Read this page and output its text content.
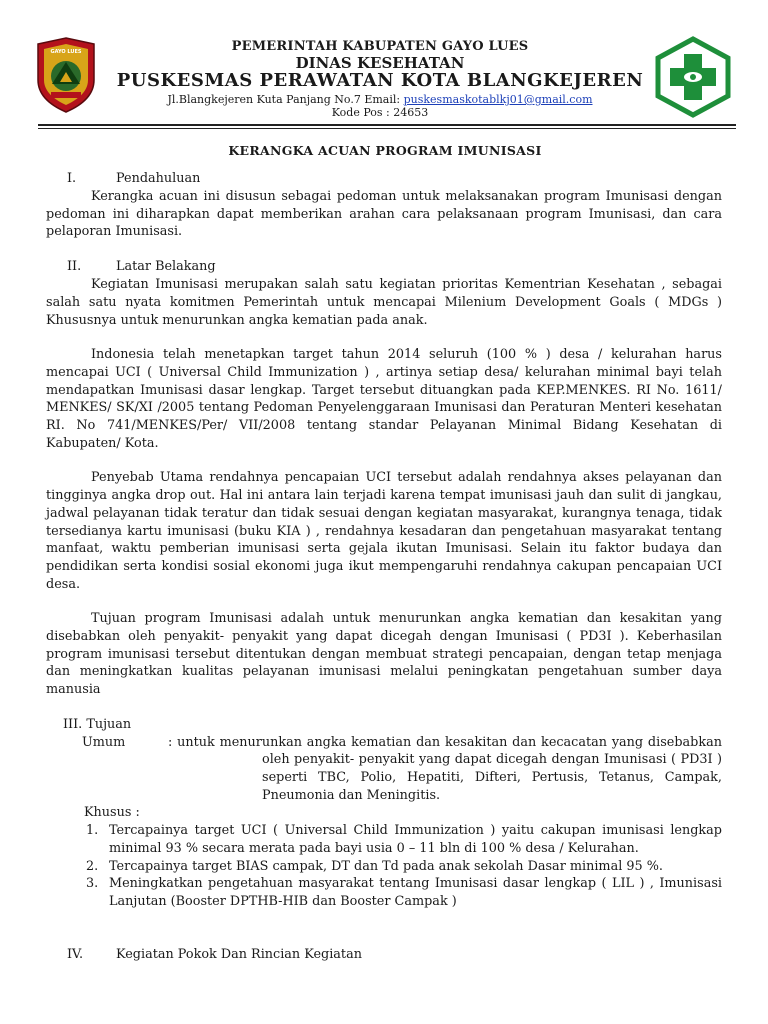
GAYO LUES	PEMERINTAH KABUPATEN GAYO LUES

DINAS KESEHATAN

PUSKESMAS PERAWATAN KOTA BLANGKEJEREN

Jl.Blangkejeren Kuta Panjang No.7 Email: puskesmaskotablkj01@gmail.com

Kode Pos : 24653

KERANGKA ACUAN PROGRAM IMUNISASI

I.	Pendahuluan

Kerangka acuan ini disusun sebagai pedoman untuk melaksanakan program Imunisasi dengan pedoman ini diharapkan dapat memberikan arahan cara pelaksanaan program Imunisasi, dan cara pelaporan Imunisasi.

II.	Latar Belakang

Kegiatan Imunisasi merupakan salah satu kegiatan prioritas Kementrian Kesehatan , sebagai salah satu nyata komitmen Pemerintah untuk mencapai Milenium Development Goals ( MDGs ) Khususnya untuk menurunkan angka kematian pada anak.

Indonesia telah menetapkan target tahun 2014 seluruh (100 % ) desa / kelurahan harus mencapai UCI ( Universal Child Immunization ) , artinya setiap desa/ kelurahan minimal bayi telah mendapatkan Imunisasi dasar lengkap. Target tersebut dituangkan pada KEP.MENKES. RI No. 1611/ MENKES/ SK/XI /2005 tentang Pedoman Penyelenggaraan Imunisasi dan Peraturan Menteri kesehatan RI. No 741/MENKES/Per/ VII/2008 tentang standar Pelayanan Minimal Bidang Kesehatan di Kabupaten/ Kota.

Penyebab Utama rendahnya pencapaian UCI tersebut adalah rendahnya akses pelayanan dan tingginya angka drop out. Hal ini antara lain terjadi karena tempat imunisasi jauh dan sulit di jangkau, jadwal pelayanan tidak teratur dan tidak sesuai dengan kegiatan masyarakat, kurangnya tenaga, tidak tersedianya kartu imunisasi (buku KIA ) , rendahnya kesadaran dan pengetahuan masyarakat tentang manfaat, waktu pemberian imunisasi serta gejala ikutan Imunisasi. Selain itu faktor budaya dan pendidikan serta kondisi sosial ekonomi juga ikut mempengaruhi rendahnya cakupan pencapaian UCI desa.

Tujuan program Imunisasi adalah untuk menurunkan angka kematian dan kesakitan yang disebabkan oleh penyakit- penyakit yang dapat dicegah dengan Imunisasi ( PD3I ). Keberhasilan program imunisasi tersebut ditentukan dengan membuat strategi pencapaian, dengan tetap menjaga dan meningkatkan kualitas pelayanan imunisasi melalui peningkatan pengetahuan sumber daya manusia

III. Tujuan

Umum	: untuk menurunkan angka kematian dan kesakitan dan kecacatan yang disebabkan oleh penyakit- penyakit yang dapat dicegah dengan Imunisasi ( PD3I ) seperti TBC, Polio, Hepatiti, Difteri, Pertusis, Tetanus, Campak, Pneumonia dan Meningitis.

Khusus :

1. Tercapainya target UCI ( Universal Child Immunization ) yaitu cakupan imunisasi lengkap minimal 93 % secara merata pada bayi usia 0 – 11 bln di 100 % desa / Kelurahan.
2. Tercapainya target BIAS campak, DT dan Td pada anak sekolah Dasar minimal 95 %.
3. Meningkatkan pengetahuan masyarakat tentang Imunisasi dasar lengkap ( LIL ) , Imunisasi Lanjutan (Booster DPTHB-HIB dan Booster Campak )
IV.	Kegiatan Pokok Dan Rincian Kegiatan
